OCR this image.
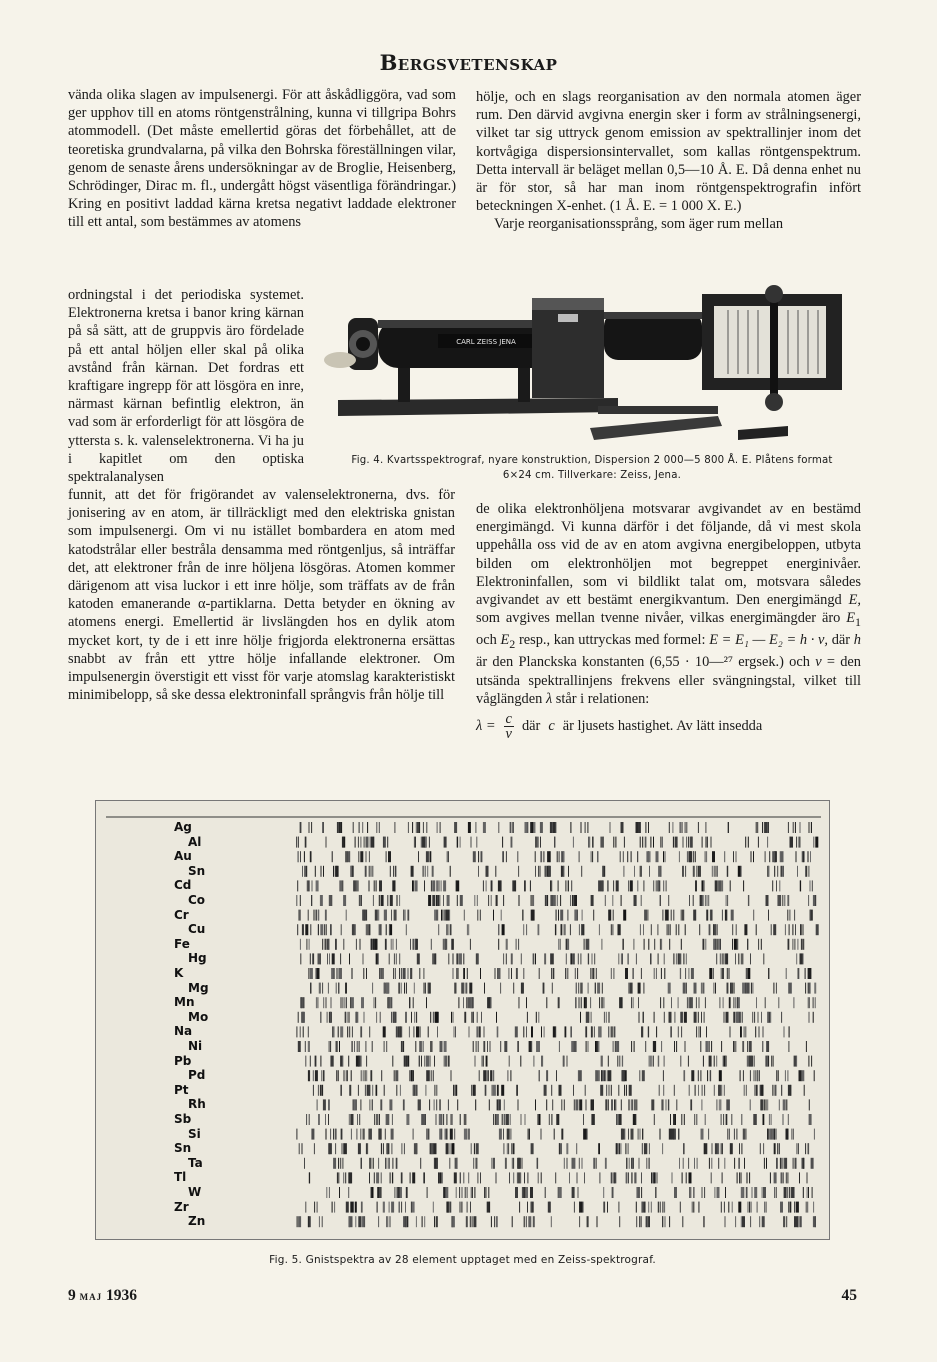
Bergsvetenskap

vända olika slagen av impulsenergi. För att åskådliggöra, vad som ger upphov till en atoms röntgenstrålning, kunna vi tillgripa Bohrs atommodell. (Det måste emellertid göras det förbehållet, att de teoretiska grundvalarna, på vilka den Bohrska föreställningen vilar, genom de senaste årens undersökningar av de Broglie, Heisenberg, Schrödinger, Dirac m. fl., undergått högst väsentliga förändringar.) Kring en positivt laddad kärna kretsa negativt laddade elektroner till ett antal, som bestämmes av atomens

ordningstal i det periodiska systemet. Elektronerna kretsa i banor kring kärnan på så sätt, att de gruppvis äro fördelade på ett antal höljen eller skal på olika avstånd från kärnan. Det fordras ett kraftigare ingrepp för att lösgöra en inre, närmast kärnan befintlig elektron, än vad som är erforderligt för att lösgöra de yttersta s. k. valenselektronerna. Vi ha ju i kapitlet om den optiska spektralanalysen

funnit, att det för frigörandet av valenselektronerna, dvs. för jonisering av en atom, är tillräckligt med den elektriska gnistan som impulsenergi. Om vi nu istället bombardera en atom med katodstrålar eller bestråla densamma med röntgenljus, så inträffar det, att elektroner från de inre höljena lösgöras. Atomen kommer därigenom att visa luckor i ett inre hölje, som träffats av de från katoden emanerande α-partiklarna. Detta betyder en ökning av atomens energi. Emellertid är livslängden hos en dylik atom mycket kort, ty de i ett inre hölje frigjorda elektronerna ersättas snabbt av från ett yttre hölje infallande elektroner. Om impulsenergin överstigit ett visst för varje atomslag karakteristiskt minimibelopp, så ske dessa elektroninfall språngvis från hölje till

hölje, och en slags reorganisation av den normala atomen äger rum. Den därvid avgivna energin sker i form av strålningsenergi, vilket tar sig uttryck genom emission av spektrallinjer inom det kortvågiga dispersionsintervallet, som kallas röntgenspektrum. Detta intervall är beläget mellan 0,5—10 Å. E. Då denna enhet nu är för stor, så har man inom röntgenspektrografin infört beteckningen X-enhet. (1 Å. E. = 1 000 X. E.)

Varje reorganisationssprång, som äger rum mellan

de olika elektronhöljena motsvarar avgivandet av en bestämd energimängd. Vi kunna därför i det följande, då vi mest skola uppehålla oss vid de av en atom avgivna energibeloppen, utbyta bilden om elektronhöljen mot begreppet energinivåer. Elektroninfallen, som vi bildlikt talat om, motsvara således avgivandet av ett bestämt energikvantum. Den energimängd E, som avgives mellan tvenne nivåer, vilkas energimängder äro $E_1$ och $E_2$ resp., kan uttryckas med formel: E = E₁ — E₂ = h · ν, där h är den Planckska konstanten (6,55 · 10—²⁷ ergsek.) och ν = den utsända spektrallinjens frekvens eller svängningstal, vilket till våglängden λ står i relationen:

$\lambda = \frac{c}{\nu}$ där c är ljusets hastighet. Av lätt insedda
CARL ZEISS JENA
Fig. 4. Kvartsspektrograf, nyare konstruktion, Dispersion 2 000—5 800 Å. E. Plåtens format
6×24 cm. Tillverkare: Zeiss, Jena.
Ag
Al
Au
Sn
Cd
Co
Cr
Cu
Fe
Hg
K
Mg
Mn
Mo
Na
Ni
Pb
Pd
Pt
Rh
Sb
Si
Sn
Ta
Tl
W
Zr
Zn
Fig. 5. Gnistspektra av 28 element upptaget med en Zeiss-spektrograf.
9 maj 1936	45
